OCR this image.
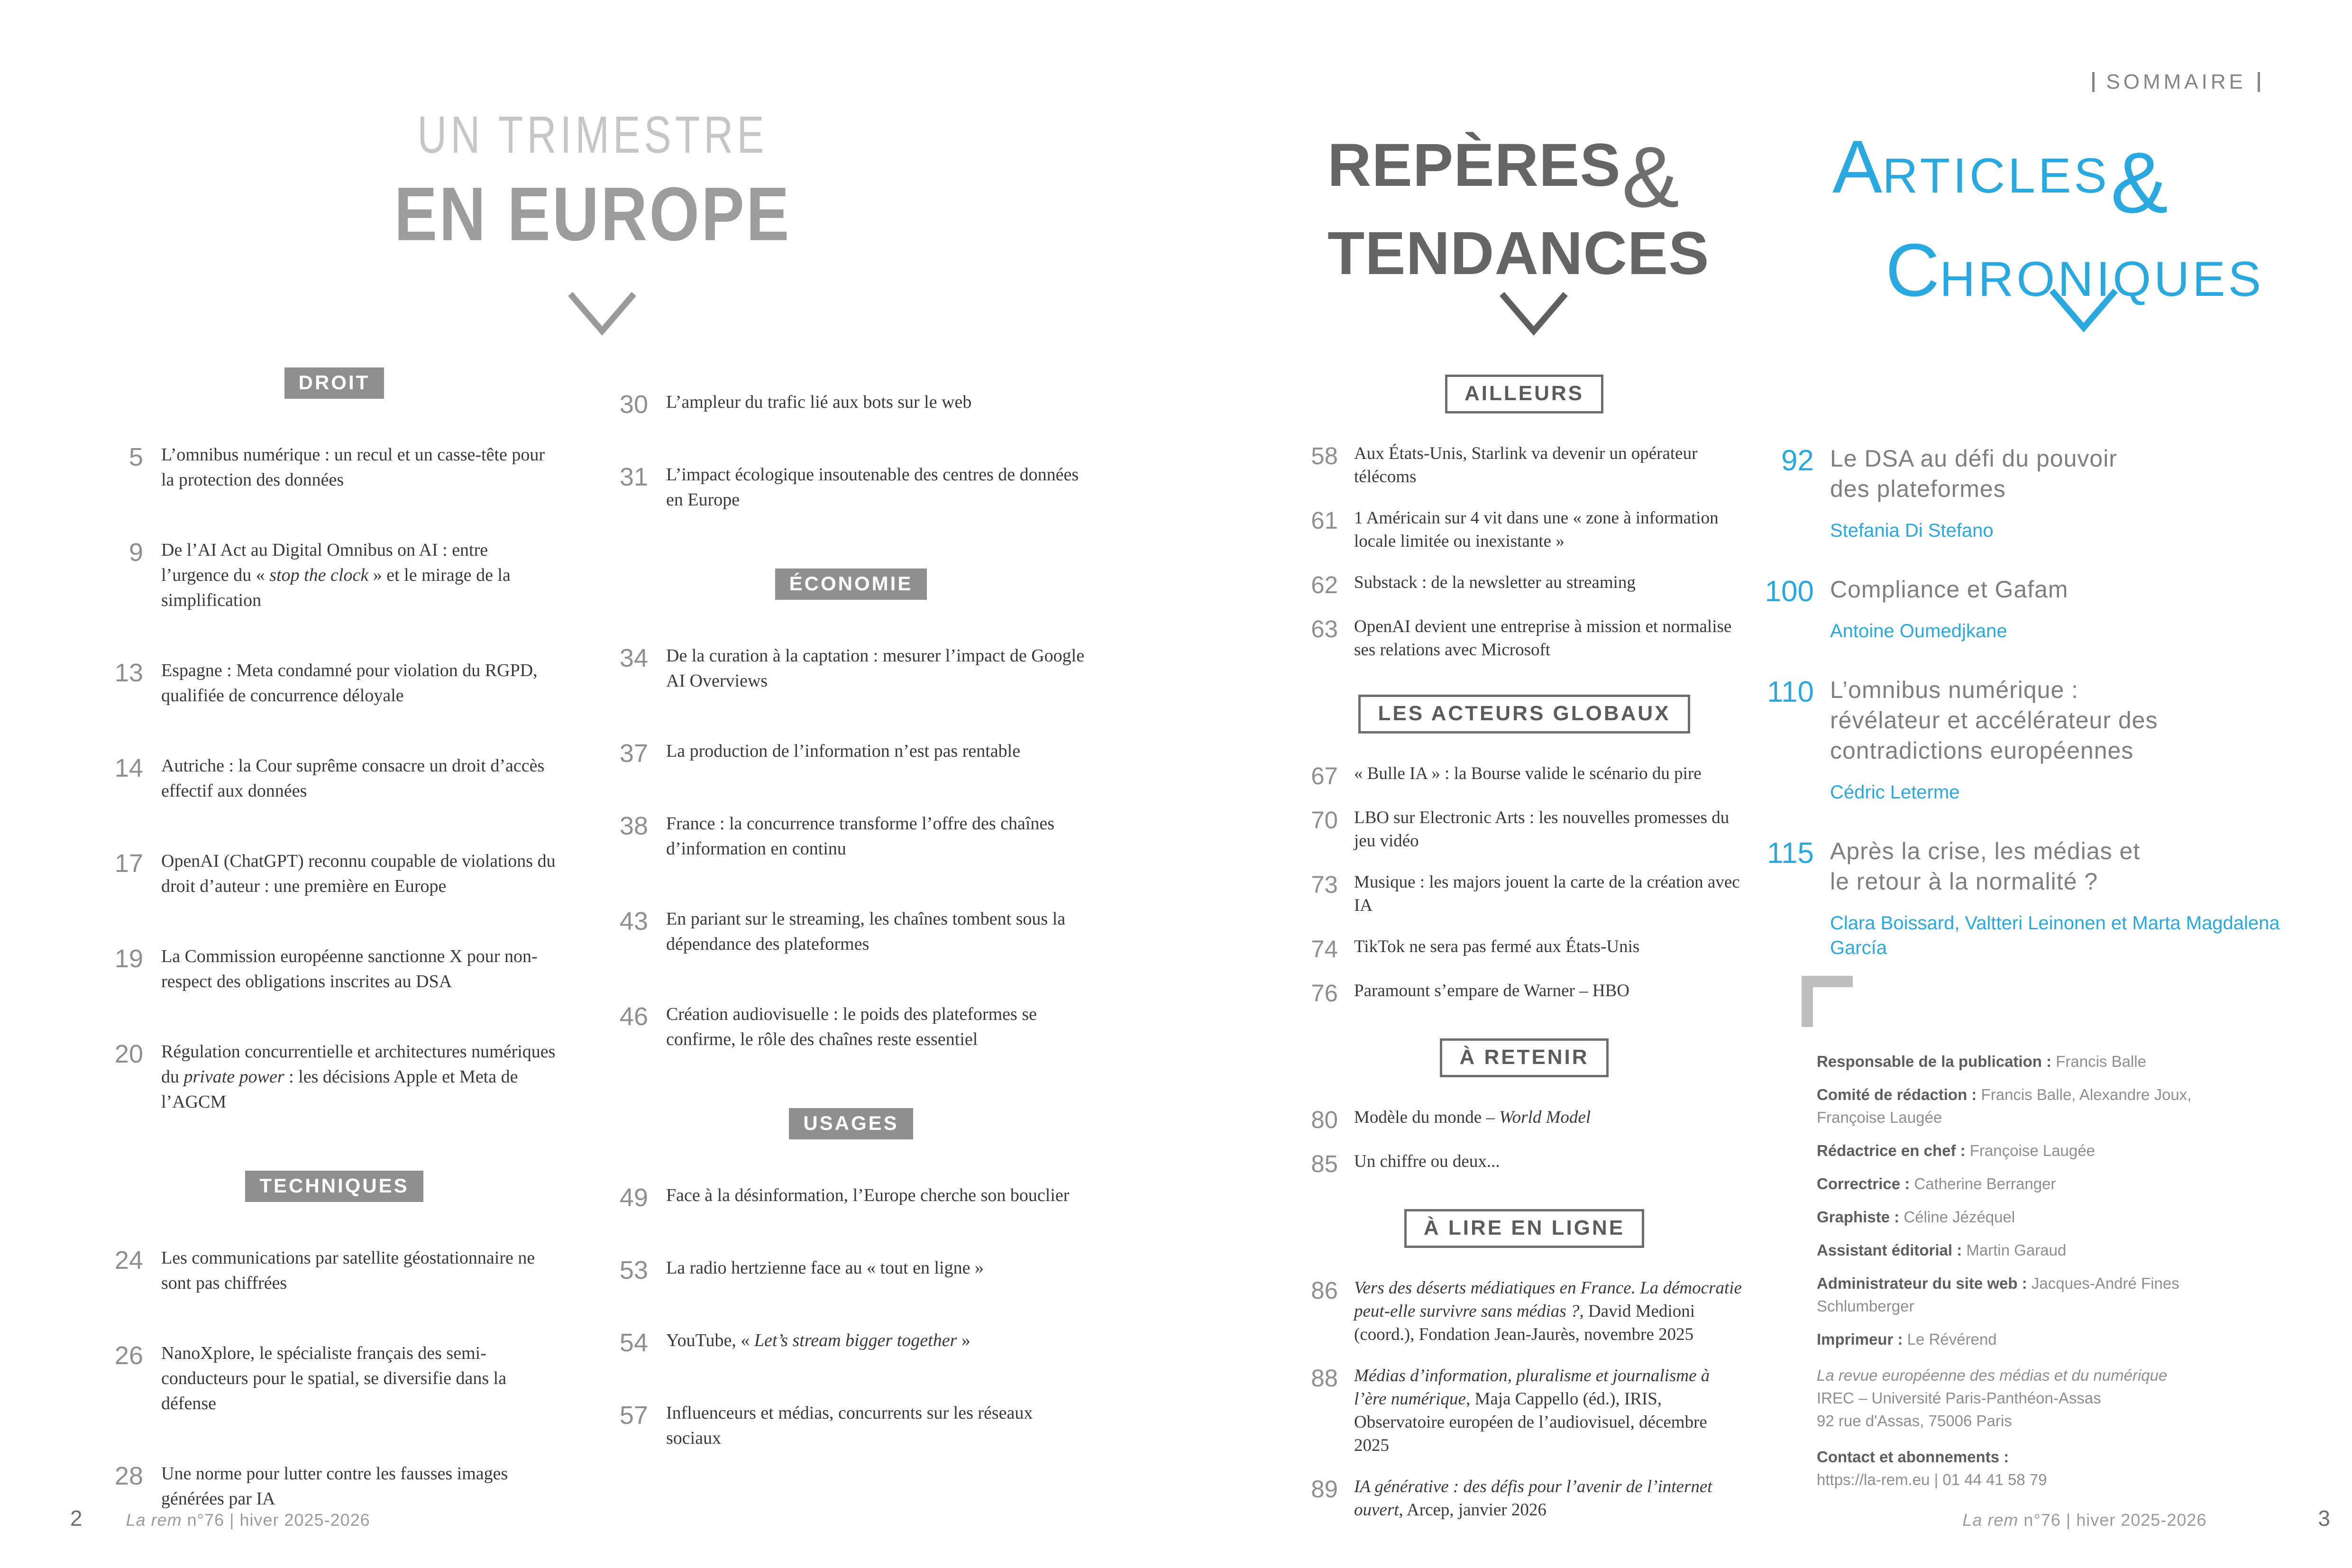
SOMMAIRE
UN TRIMESTRE
EN EUROPE
DROIT
5 L’omnibus numérique : un recul et un casse-tête pour la protection des données
9 De l’AI Act au Digital Omnibus on AI : entre l’urgence du « stop the clock » et le mirage de la simplification
13 Espagne : Meta condamné pour violation du RGPD, qualifiée de concurrence déloyale
14 Autriche : la Cour suprême consacre un droit d’accès effectif aux données
17 OpenAI (ChatGPT) reconnu coupable de violations du droit d’auteur : une première en Europe
19 La Commission européenne sanctionne X pour non-respect des obligations inscrites au DSA
20 Régulation concurrentielle et architectures numériques du private power : les décisions Apple et Meta de l’AGCM
TECHNIQUES
24 Les communications par satellite géostationnaire ne sont pas chiffrées
26 NanoXplore, le spécialiste français des semi-conducteurs pour le spatial, se diversifie dans la défense
28 Une norme pour lutter contre les fausses images générées par IA
30 L’ampleur du trafic lié aux bots sur le web
31 L’impact écologique insoutenable des centres de données en Europe
ÉCONOMIE
34 De la curation à la captation : mesurer l’impact de Google AI Overviews
37 La production de l’information n’est pas rentable
38 France : la concurrence transforme l’offre des chaînes d’information en continu
43 En pariant sur le streaming, les chaînes tombent sous la dépendance des plateformes
46 Création audiovisuelle : le poids des plateformes se confirme, le rôle des chaînes reste essentiel
USAGES
49 Face à la désinformation, l’Europe cherche son bouclier
53 La radio hertzienne face au « tout en ligne »
54 YouTube, « Let’s stream bigger together »
57 Influenceurs et médias, concurrents sur les réseaux sociaux
REPÈRES&
TENDANCES
AILLEURS
58 Aux États-Unis, Starlink va devenir un opérateur télécoms
61 1 Américain sur 4 vit dans une « zone à information locale limitée ou inexistante »
62 Substack : de la newsletter au streaming
63 OpenAI devient une entreprise à mission et normalise ses relations avec Microsoft
LES ACTEURS GLOBAUX
67 « Bulle IA » : la Bourse valide le scénario du pire
70 LBO sur Electronic Arts : les nouvelles promesses du jeu vidéo
73 Musique : les majors jouent la carte de la création avec IA
74 TikTok ne sera pas fermé aux États-Unis
76 Paramount s’empare de Warner – HBO
À RETENIR
80 Modèle du monde – World Model
85 Un chiffre ou deux...
À LIRE EN LIGNE
86 Vers des déserts médiatiques en France. La démocratie peut-elle survivre sans médias ?, David Medioni (coord.), Fondation Jean-Jaurès, novembre 2025
88 Médias d’information, pluralisme et journalisme à l’ère numérique, Maja Cappello (éd.), IRIS, Observatoire européen de l’audiovisuel, décembre 2025
89 IA générative : des défis pour l’avenir de l’internet ouvert, Arcep, janvier 2026
ARTICLES&
CHRONIQUES
92 Le DSA au défi du pouvoir des plateformes
Stefania Di Stefano
100 Compliance et Gafam
Antoine Oumedjkane
110 L’omnibus numérique : révélateur et accélérateur des contradictions européennes
Cédric Leterme
115 Après la crise, les médias et le retour à la normalité ?
Clara Boissard, Valtteri Leinonen et Marta Magdalena García
Responsable de la publication : Francis Balle
Comité de rédaction : Francis Balle, Alexandre Joux, Françoise Laugée
Rédactrice en chef : Françoise Laugée
Correctrice : Catherine Berranger
Graphiste : Céline Jézéquel
Assistant éditorial : Martin Garaud
Administrateur du site web : Jacques-André Fines Schlumberger
Imprimeur : Le Révérend
La revue européenne des médias et du numérique
IREC – Université Paris-Panthéon-Assas
92 rue d'Assas, 75006 Paris
Contact et abonnements :
https://la-rem.eu | 01 44 41 58 79
2	La rem n°76 | hiver 2025-2026	La rem n°76 | hiver 2025-2026	3
